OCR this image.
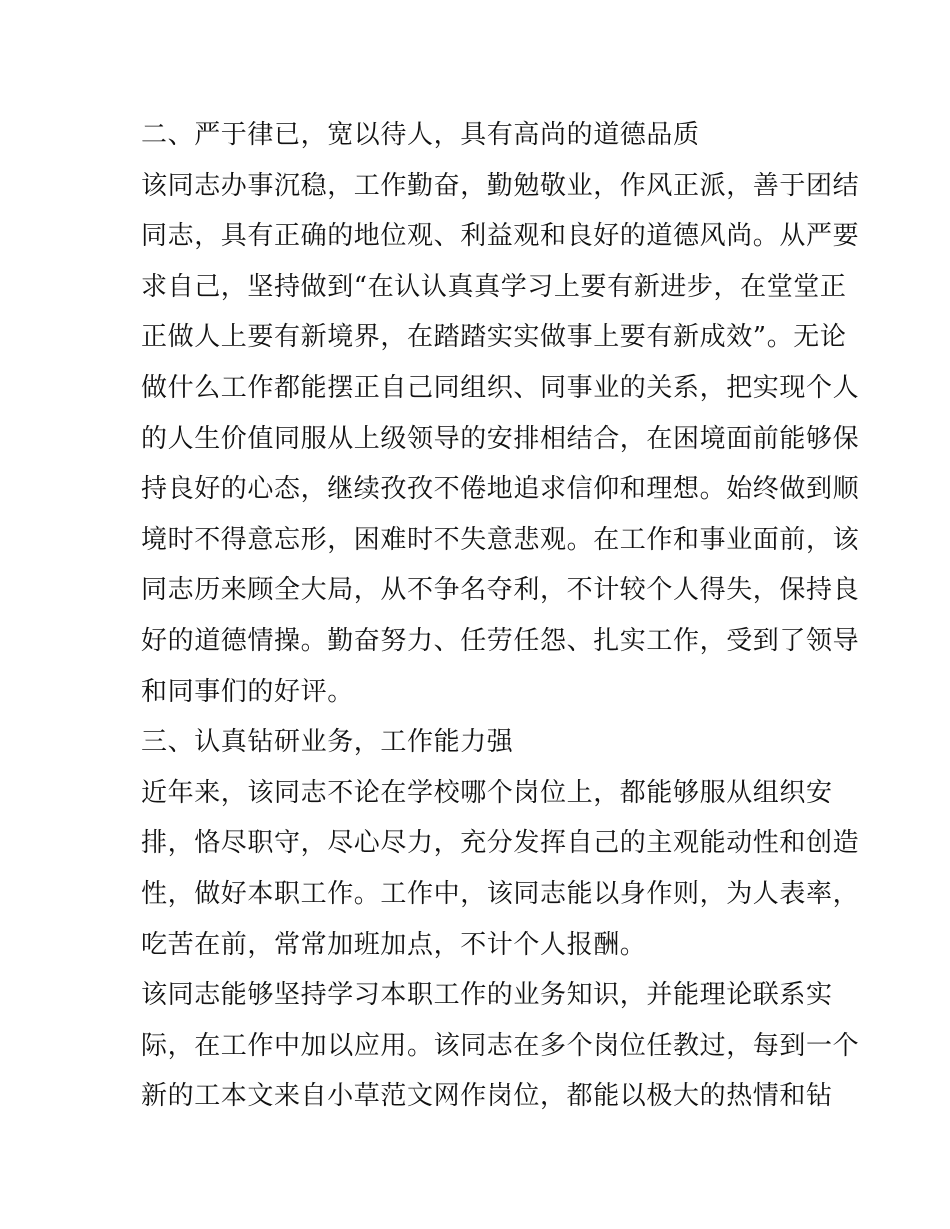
二、严于律已，宽以待人，具有高尚的道德品质
该同志办事沉稳，工作勤奋，勤勉敬业，作风正派，善于团结
同志，具有正确的地位观、利益观和良好的道德风尚。从严要
求自己，坚持做到“在认认真真学习上要有新进步，在堂堂正
正做人上要有新境界，在踏踏实实做事上要有新成效”。无论
做什么工作都能摆正自己同组织、同事业的关系，把实现个人
的人生价值同服从上级领导的安排相结合，在困境面前能够保
持良好的心态，继续孜孜不倦地追求信仰和理想。始终做到顺
境时不得意忘形，困难时不失意悲观。在工作和事业面前，该
同志历来顾全大局，从不争名夺利，不计较个人得失，保持良
好的道德情操。勤奋努力、任劳任怨、扎实工作，受到了领导
和同事们的好评。
三、认真钻研业务，工作能力强
近年来，该同志不论在学校哪个岗位上，都能够服从组织安
排，恪尽职守，尽心尽力，充分发挥自己的主观能动性和创造
性，做好本职工作。工作中，该同志能以身作则，为人表率，
吃苦在前，常常加班加点，不计个人报酬。
该同志能够坚持学习本职工作的业务知识，并能理论联系实
际，在工作中加以应用。该同志在多个岗位任教过，每到一个
新的工本文来自小草范文网作岗位，都能以极大的热情和钻
